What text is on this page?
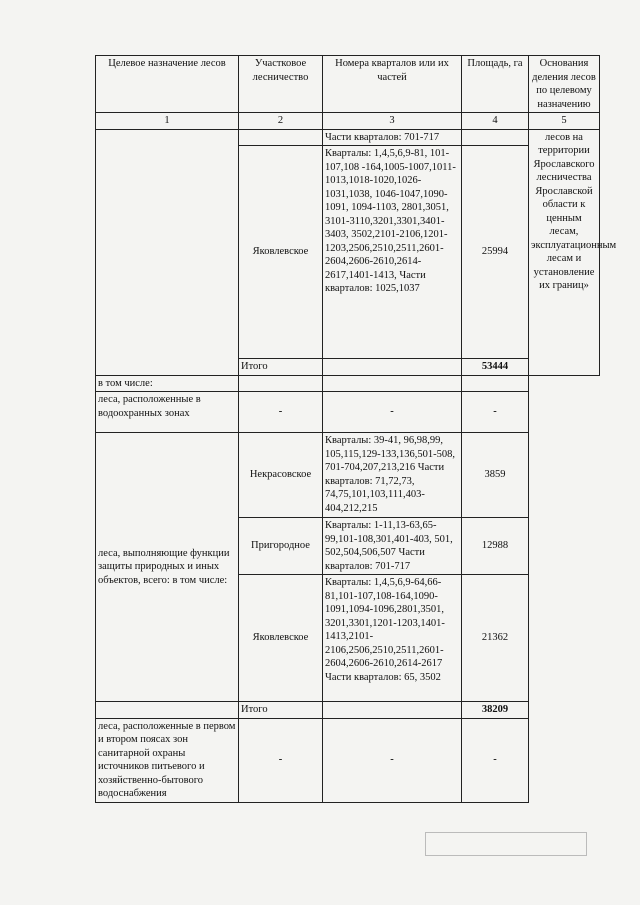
Целевое назначение лесов	Участковое лесничество	Номера кварталов или их частей	Площадь, га	Основания деления лесов по целевому назначению
1	2	3	4	5
		Части кварталов: 701-717		лесов на территории Ярославского лесничества Ярославской области к ценным лесам, эксплуатационным лесам и установление их границ»
	Яковлевское	Кварталы: 1,4,5,6,9-81, 101-107,108 -164,1005-1007,1011-1013,1018-1020,1026-1031,1038, 1046-1047,1090-1091, 1094-1103, 2801,3051, 3101-3110,3201,3301,3401-3403, 3502,2101-2106,1201-1203,2506,2510,2511,2601-2604,2606-2610,2614-2617,1401-1413, Части кварталов: 1025,1037	25994	
	Итого		53444	
в том числе:				
леса, расположенные в водоохранных зонах	-	-	-	
леса, выполняющие функции защиты природных и иных объектов, всего: в том числе:	Некрасовское	Кварталы: 39-41, 96,98,99, 105,115,129-133,136,501-508, 701-704,207,213,216 Части кварталов: 71,72,73, 74,75,101,103,111,403-404,212,215	3859	
	Пригородное	Кварталы: 1-11,13-63,65-99,101-108,301,401-403, 501, 502,504,506,507 Части кварталов: 701-717	12988	
	Яковлевское	Кварталы: 1,4,5,6,9-64,66-81,101-107,108-164,1090-1091,1094-1096,2801,3501, 3201,3301,1201-1203,1401-1413,2101-2106,2506,2510,2511,2601-2604,2606-2610,2614-2617 Части кварталов: 65, 3502	21362	
	Итого		38209	
леса, расположенные в первом и втором поясах зон санитарной охраны источников питьевого и хозяйственно-бытового водоснабжения	-	-	-	
